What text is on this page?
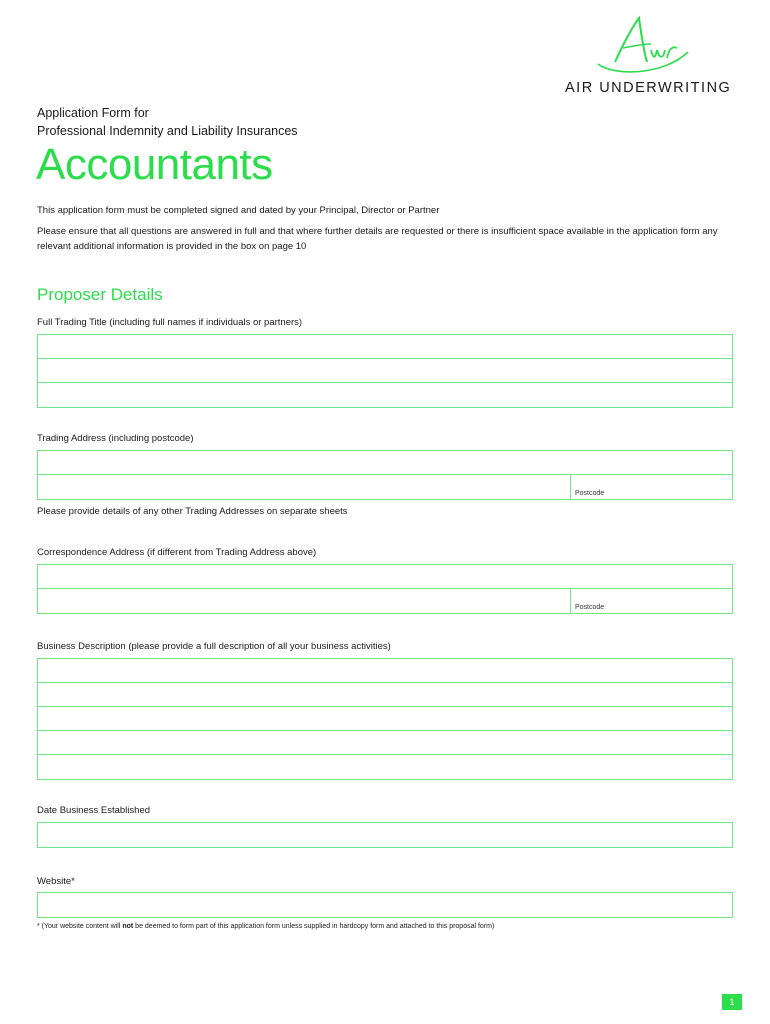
AIR UNDERWRITING
Application Form for
Professional Indemnity and Liability Insurances
Accountants
This application form must be completed signed and dated by your Principal, Director or Partner
Please ensure that all questions are answered in full and that where further details are requested or there is insufficient space available in the application form any relevant additional information is provided in the box on page 10
Proposer Details
Full Trading Title (including full names if individuals or partners)
Trading Address (including postcode)
Postcode
Please provide details of any other Trading Addresses on separate sheets
Correspondence Address (if different from Trading Address above)
Postcode
Business Description (please provide a full description of all your business activities)
Date Business Established
Website*
* (Your website content will not be deemed to form part of this application form unless supplied in hardcopy form and attached to this proposal form)
1
